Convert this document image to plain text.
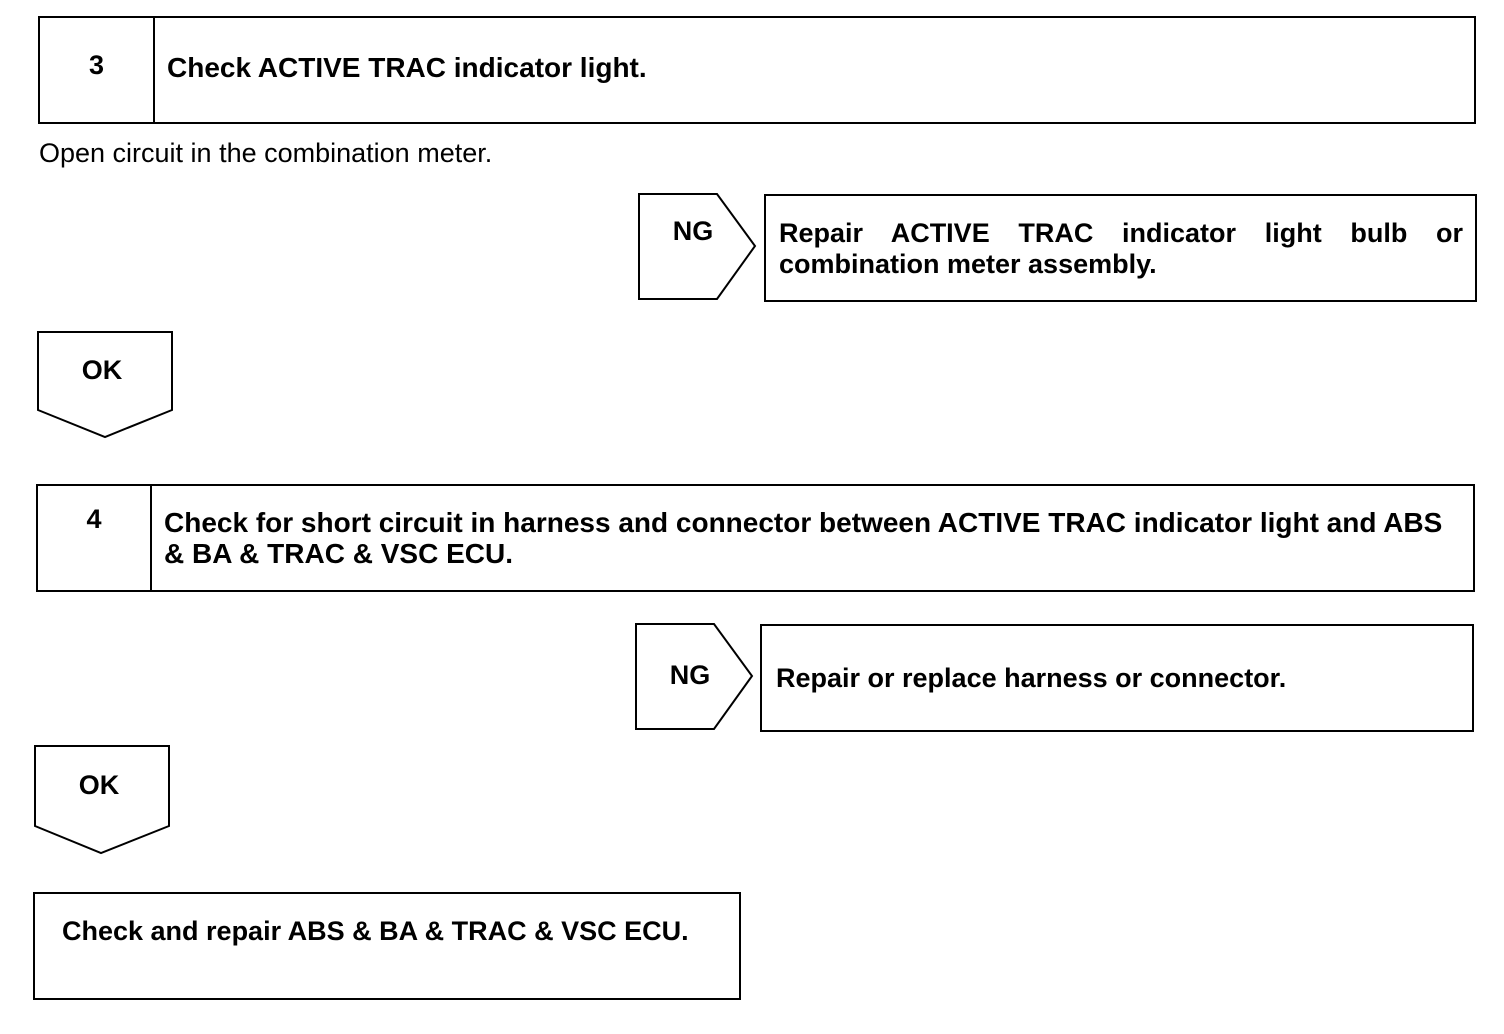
3	Check ACTIVE TRAC indicator light.
Open circuit in the combination meter.
NG	Repair ACTIVE TRAC indicator light bulb or combination meter assembly.
OK
4	Check for short circuit in harness and connector between ACTIVE TRAC indicator light and ABS & BA & TRAC & VSC ECU.
NG	Repair or replace harness or connector.
OK
Check and repair ABS & BA & TRAC & VSC ECU.
